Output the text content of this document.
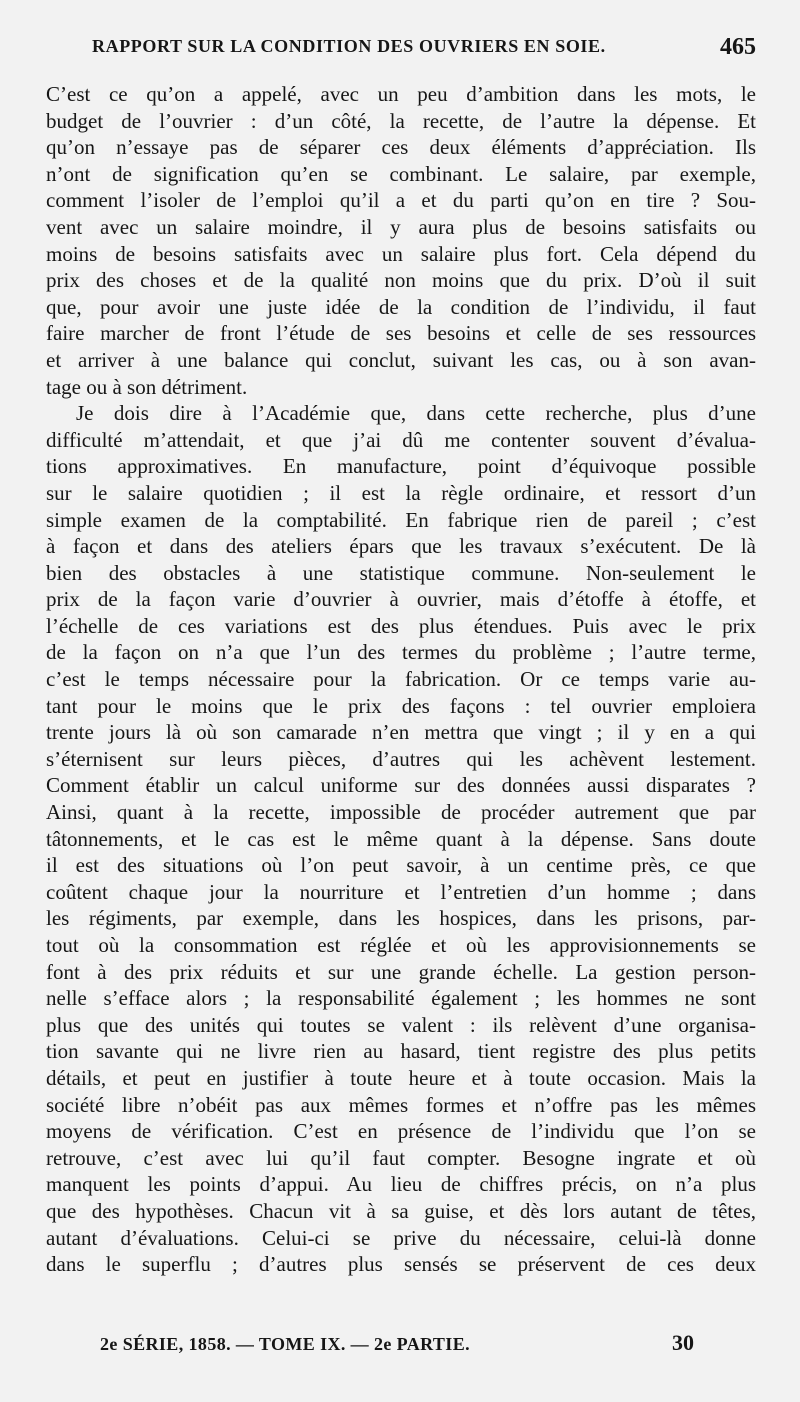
RAPPORT SUR LA CONDITION DES OUVRIERS EN SOIE.	465
C’est ce qu’on a appelé, avec un peu d’ambition dans les mots, le
budget de l’ouvrier : d’un côté, la recette, de l’autre la dépense. Et
qu’on n’essaye pas de séparer ces deux éléments d’appréciation. Ils
n’ont de signification qu’en se combinant. Le salaire, par exemple,
comment l’isoler de l’emploi qu’il a et du parti qu’on en tire ? Sou-
vent avec un salaire moindre, il y aura plus de besoins satisfaits ou
moins de besoins satisfaits avec un salaire plus fort. Cela dépend du
prix des choses et de la qualité non moins que du prix. D’où il suit
que, pour avoir une juste idée de la condition de l’individu, il faut
faire marcher de front l’étude de ses besoins et celle de ses ressources
et arriver à une balance qui conclut, suivant les cas, ou à son avan-
tage ou à son détriment.
Je dois dire à l’Académie que, dans cette recherche, plus d’une
difficulté m’attendait, et que j’ai dû me contenter souvent d’évalua-
tions approximatives. En manufacture, point d’équivoque possible
sur le salaire quotidien ; il est la règle ordinaire, et ressort d’un
simple examen de la comptabilité. En fabrique rien de pareil ; c’est
à façon et dans des ateliers épars que les travaux s’exécutent. De là
bien des obstacles à une statistique commune. Non-seulement le
prix de la façon varie d’ouvrier à ouvrier, mais d’étoffe à étoffe, et
l’échelle de ces variations est des plus étendues. Puis avec le prix
de la façon on n’a que l’un des termes du problème ; l’autre terme,
c’est le temps nécessaire pour la fabrication. Or ce temps varie au-
tant pour le moins que le prix des façons : tel ouvrier emploiera
trente jours là où son camarade n’en mettra que vingt ; il y en a qui
s’éternisent sur leurs pièces, d’autres qui les achèvent lestement.
Comment établir un calcul uniforme sur des données aussi disparates ?
Ainsi, quant à la recette, impossible de procéder autrement que par
tâtonnements, et le cas est le même quant à la dépense. Sans doute
il est des situations où l’on peut savoir, à un centime près, ce que
coûtent chaque jour la nourriture et l’entretien d’un homme ; dans
les régiments, par exemple, dans les hospices, dans les prisons, par-
tout où la consommation est réglée et où les approvisionnements se
font à des prix réduits et sur une grande échelle. La gestion person-
nelle s’efface alors ; la responsabilité également ; les hommes ne sont
plus que des unités qui toutes se valent : ils relèvent d’une organisa-
tion savante qui ne livre rien au hasard, tient registre des plus petits
détails, et peut en justifier à toute heure et à toute occasion. Mais la
société libre n’obéit pas aux mêmes formes et n’offre pas les mêmes
moyens de vérification. C’est en présence de l’individu que l’on se
retrouve, c’est avec lui qu’il faut compter. Besogne ingrate et où
manquent les points d’appui. Au lieu de chiffres précis, on n’a plus
que des hypothèses. Chacun vit à sa guise, et dès lors autant de têtes,
autant d’évaluations. Celui-ci se prive du nécessaire, celui-là donne
dans le superflu ; d’autres plus sensés se préservent de ces deux
2e SÉRIE, 1858. — TOME IX. — 2e PARTIE.	30
